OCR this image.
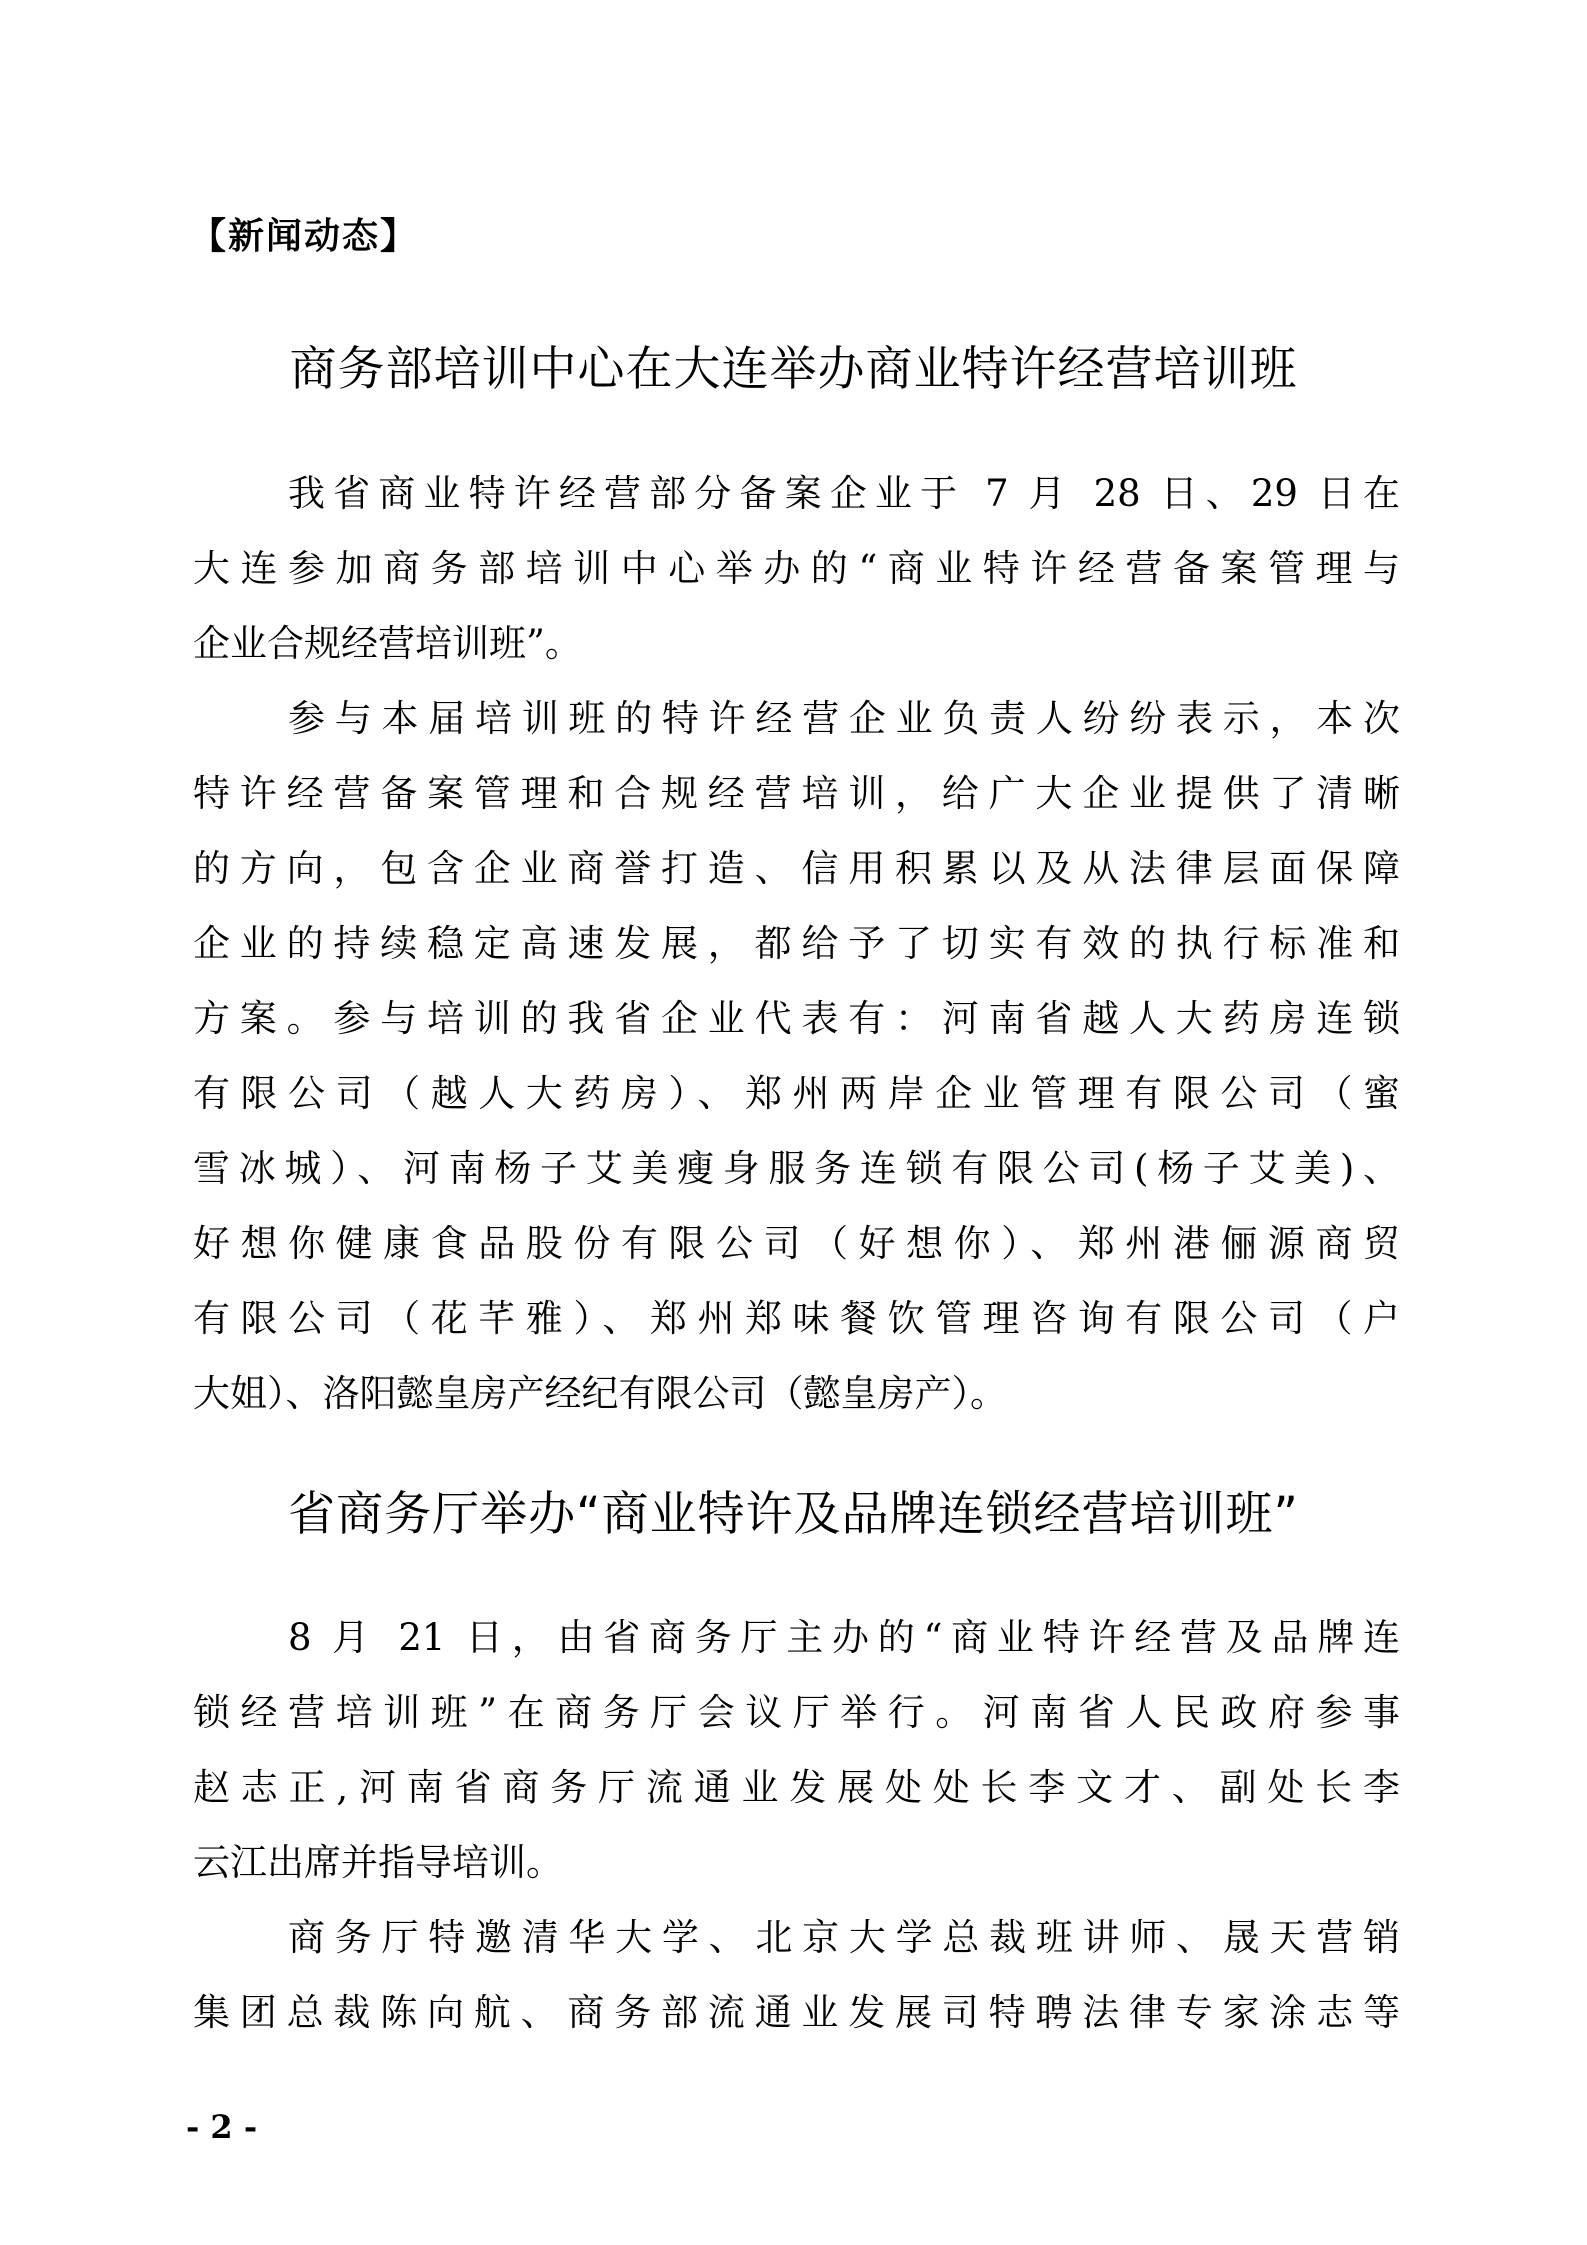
【新闻动态】
商务部培训中心在大连举办商业特许经营培训班
我省商业特许经营部分备案企业于 7 月 28 日、29 日在
大连参加商务部培训中心举办的“商业特许经营备案管理与
企业合规经营培训班”。
参与本届培训班的特许经营企业负责人纷纷表示，本次
特许经营备案管理和合规经营培训，给广大企业提供了清晰
的方向，包含企业商誉打造、信用积累以及从法律层面保障
企业的持续稳定高速发展，都给予了切实有效的执行标准和
方案。参与培训的我省企业代表有：河南省越人大药房连锁
有限公司（越人大药房）、郑州两岸企业管理有限公司（蜜
雪冰城）、河南杨子艾美瘦身服务连锁有限公司(杨子艾美)、
好想你健康食品股份有限公司（好想你）、郑州港俪源商贸
有限公司（花芊雅）、郑州郑味餐饮管理咨询有限公司（户
大姐）、洛阳懿皇房产经纪有限公司（懿皇房产）。
省商务厅举办“商业特许及品牌连锁经营培训班”
8 月 21 日，由省商务厅主办的“商业特许经营及品牌连
锁经营培训班”在商务厅会议厅举行。河南省人民政府参事
赵志正,河南省商务厅流通业发展处处长李文才、副处长李
云江出席并指导培训。
商务厅特邀清华大学、北京大学总裁班讲师、晟天营销
集团总裁陈向航、商务部流通业发展司特聘法律专家涂志等
- 2 -
